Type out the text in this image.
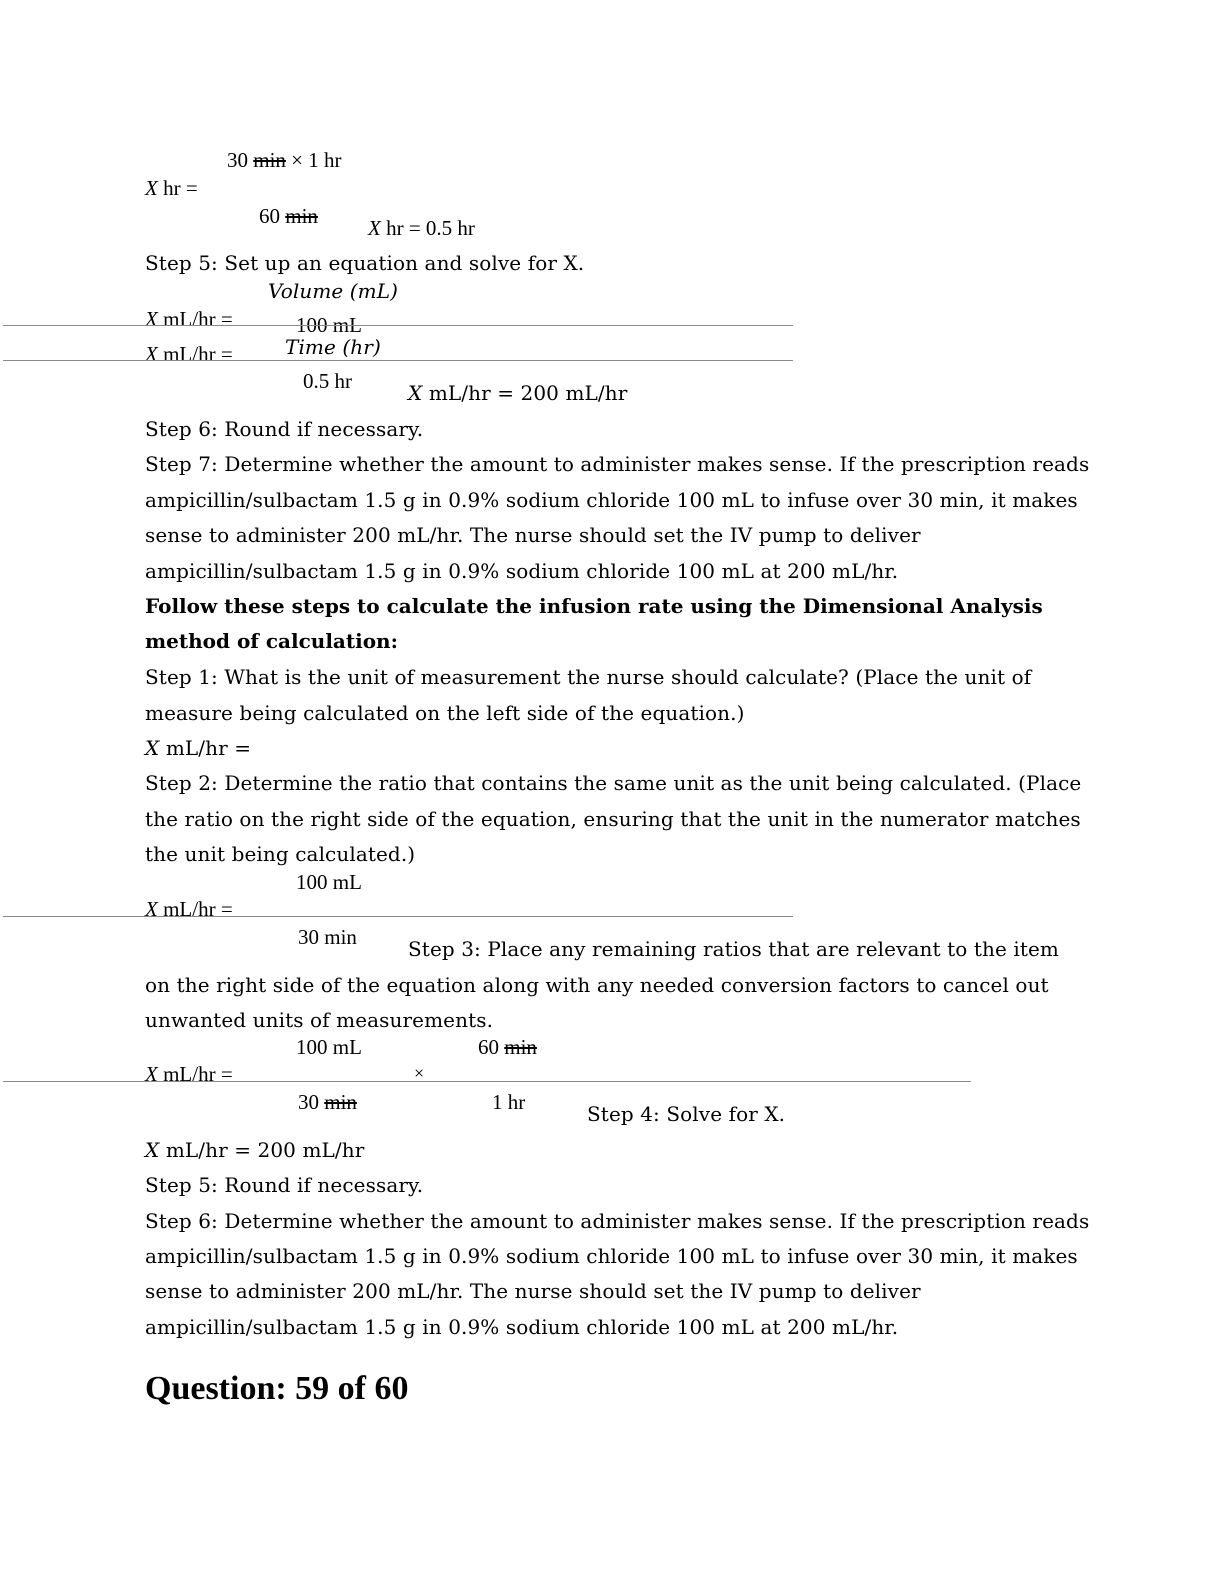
30 min × 1 hr
X hr =
60 min X hr = 0.5 hr
Step 5: Set up an equation and solve for X.
Volume (mL)
X mL/hr =	100 mL
X mL/hr =	Time (hr)
0.5 hr	X mL/hr = 200 mL/hr
Step 6: Round if necessary.
Step 7: Determine whether the amount to administer makes sense. If the prescription reads
ampicillin/sulbactam 1.5 g in 0.9% sodium chloride 100 mL to infuse over 30 min, it makes
sense to administer 200 mL/hr. The nurse should set the IV pump to deliver
ampicillin/sulbactam 1.5 g in 0.9% sodium chloride 100 mL at 200 mL/hr.
Follow these steps to calculate the infusion rate using the Dimensional Analysis
method of calculation:
Step 1: What is the unit of measurement the nurse should calculate? (Place the unit of
measure being calculated on the left side of the equation.)
X mL/hr =
Step 2: Determine the ratio that contains the same unit as the unit being calculated. (Place
the ratio on the right side of the equation, ensuring that the unit in the numerator matches
the unit being calculated.)
100 mL
X mL/hr =
30 min	Step 3: Place any remaining ratios that are relevant to the item
on the right side of the equation along with any needed conversion factors to cancel out
unwanted units of measurements.
100 mL	60 min
X mL/hr =	×
30 min	1 hr	Step 4: Solve for X.
X mL/hr = 200 mL/hr
Step 5: Round if necessary.
Step 6: Determine whether the amount to administer makes sense. If the prescription reads
ampicillin/sulbactam 1.5 g in 0.9% sodium chloride 100 mL to infuse over 30 min, it makes
sense to administer 200 mL/hr. The nurse should set the IV pump to deliver
ampicillin/sulbactam 1.5 g in 0.9% sodium chloride 100 mL at 200 mL/hr.
Question: 59 of 60
